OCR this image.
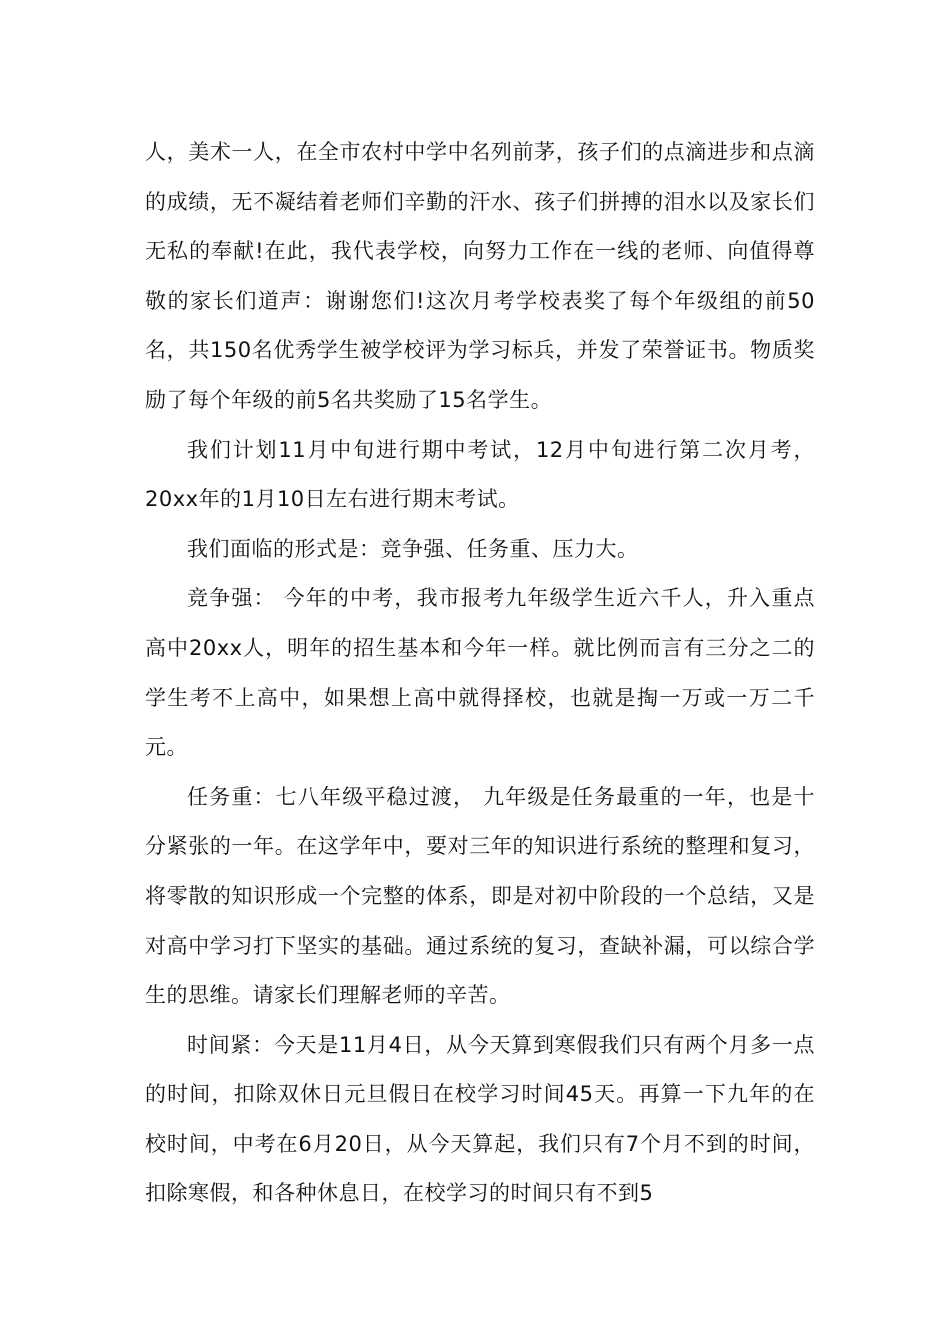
人，美术一人，在全市农村中学中名列前茅，孩子们的点滴进步和点滴的成绩，无不凝结着老师们辛勤的汗水、孩子们拼搏的泪水以及家长们无私的奉献!在此，我代表学校，向努力工作在一线的老师、向值得尊敬的家长们道声：谢谢您们!这次月考学校表奖了每个年级组的前50名，共150名优秀学生被学校评为学习标兵，并发了荣誉证书。物质奖励了每个年级的前5名共奖励了15名学生。

我们计划11月中旬进行期中考试，12月中旬进行第二次月考，20xx年的1月10日左右进行期末考试。

我们面临的形式是：竞争强、任务重、压力大。

竞争强： 今年的中考，我市报考九年级学生近六千人，升入重点高中20xx人，明年的招生基本和今年一样。就比例而言有三分之二的学生考不上高中，如果想上高中就得择校，也就是掏一万或一万二千元。

任务重：七八年级平稳过渡， 九年级是任务最重的一年，也是十分紧张的一年。在这学年中，要对三年的知识进行系统的整理和复习，将零散的知识形成一个完整的体系，即是对初中阶段的一个总结，又是对高中学习打下坚实的基础。通过系统的复习，查缺补漏，可以综合学生的思维。请家长们理解老师的辛苦。

时间紧：今天是11月4日，从今天算到寒假我们只有两个月多一点的时间，扣除双休日元旦假日在校学习时间45天。再算一下九年的在校时间，中考在6月20日，从今天算起，我们只有7个月不到的时间，扣除寒假，和各种休息日，在校学习的时间只有不到5
